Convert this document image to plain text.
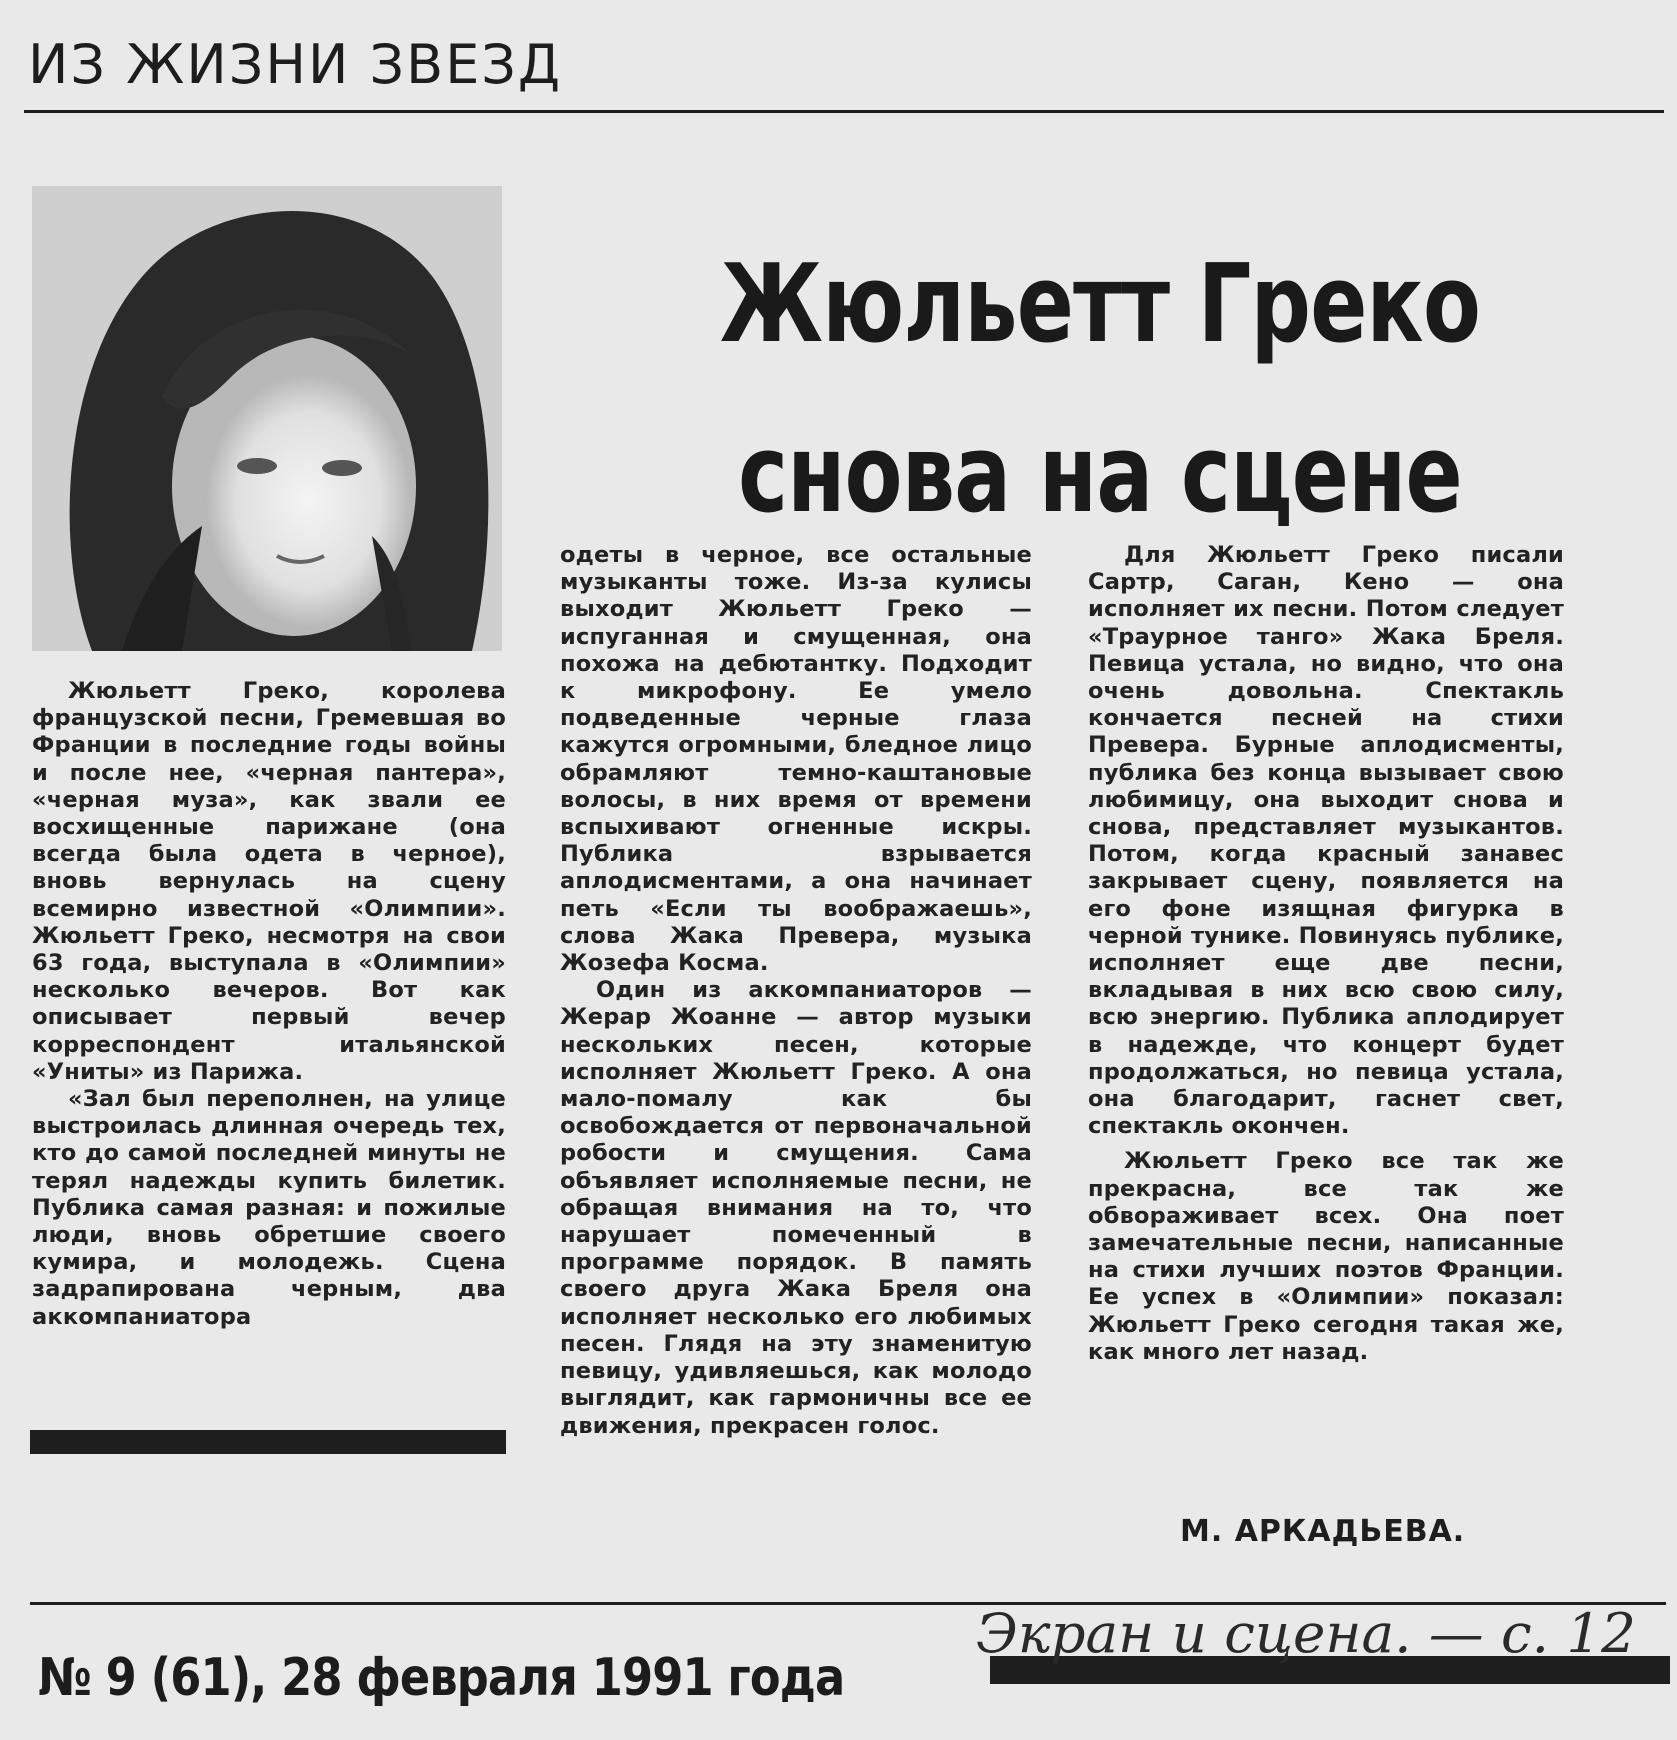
ИЗ ЖИЗНИ ЗВЕЗД
Жюльетт Греко
снова на сцене

Жюльетт Греко, королева французской песни, Гремевшая во Франции в последние годы войны и после нее, «черная пантера», «черная муза», как звали ее восхищенные парижане (она всегда была одета в черное), вновь вернулась на сцену всемирно известной «Олимпии». Жюльетт Греко, несмотря на свои 63 года, выступала в «Олимпии» несколько вечеров. Вот как описывает первый вечер корреспондент итальянской «Униты» из Парижа.

«Зал был переполнен, на улице выстроилась длинная очередь тех, кто до самой последней минуты не терял надежды купить билетик. Публика самая разная: и пожилые люди, вновь обретшие своего кумира, и молодежь. Сцена задрапирована черным, два аккомпаниатора

одеты в черное, все остальные музыканты тоже. Из-за кулисы выходит Жюльетт Греко — испуганная и смущенная, она похожа на дебютантку. Подходит к микрофону. Ее умело подведенные черные глаза кажутся огромными, бледное лицо обрамляют темно-каштановые волосы, в них время от времени вспыхивают огненные искры. Публика взрывается аплодисментами, а она начинает петь «Если ты воображаешь», слова Жака Превера, музыка Жозефа Косма.

Один из аккомпаниаторов — Жерар Жоанне — автор музыки нескольких песен, которые исполняет Жюльетт Греко. А она мало-помалу как бы освобождается от первоначальной робости и смущения. Сама объявляет исполняемые песни, не обращая внимания на то, что нарушает помеченный в программе порядок. В память своего друга Жака Бреля она исполняет несколько его любимых песен. Глядя на эту знаменитую певицу, удивляешься, как молодо выглядит, как гармоничны все ее движения, прекрасен голос.

Для Жюльетт Греко писали Сартр, Саган, Кено — она исполняет их песни. Потом следует «Траурное танго» Жака Бреля. Певица устала, но видно, что она очень довольна. Спектакль кончается песней на стихи Превера. Бурные аплодисменты, публика без конца вызывает свою любимицу, она выходит снова и снова, представляет музыкантов. Потом, когда красный занавес закрывает сцену, появляется на его фоне изящная фигурка в черной тунике. Повинуясь публике, исполняет еще две песни, вкладывая в них всю свою силу, всю энергию. Публика аплодирует в надежде, что концерт будет продолжаться, но певица устала, она благодарит, гаснет свет, спектакль окончен.

Жюльетт Греко все так же прекрасна, все так же обвораживает всех. Она поет замечательные песни, написанные на стихи лучших поэтов Франции. Ее успех в «Олимпии» показал: Жюльетт Греко сегодня такая же, как много лет назад.

М. АРКАДЬЕВА.

№ 9 (61), 28 февраля 1991 года

Экран и сцена. — с. 12
